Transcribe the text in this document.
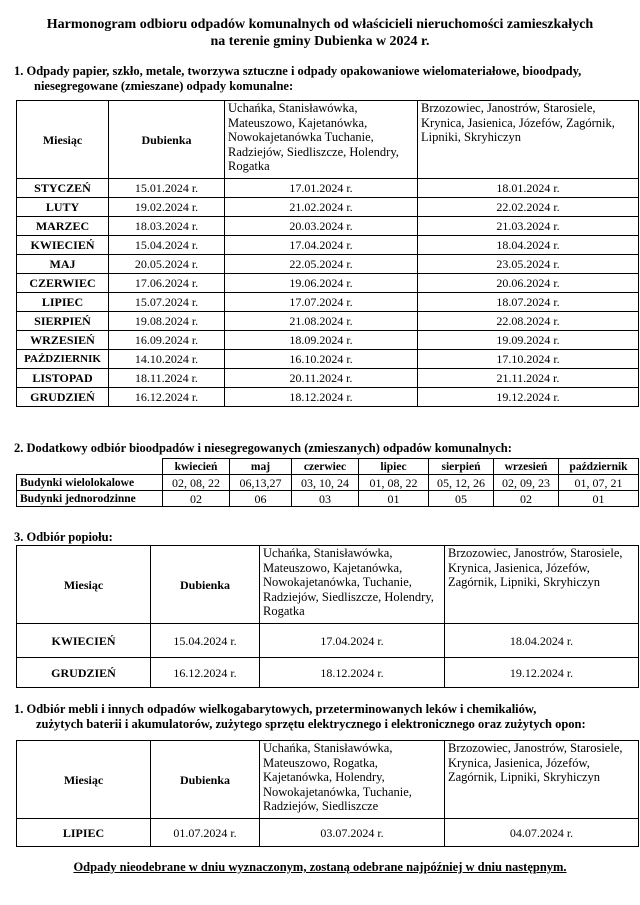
Harmonogram odbioru odpadów komunalnych od właścicieli nieruchomości zamieszkałych
na terenie gminy Dubienka w 2024 r.
1. Odpady papier, szkło, metale, tworzywa sztuczne i odpady opakowaniowe wielomateriałowe, bioodpady,
niesegregowane (zmieszane) odpady komunalne:
Miesiąc	Dubienka	Uchańka, Stanisławówka, Mateuszowo, Kajetanówka, Nowokajetanówka Tuchanie, Radziejów, Siedliszcze, Holendry, Rogatka	Brzozowiec, Janostrów, Starosiele, Krynica, Jasienica, Józefów, Zagórnik, Lipniki, Skryhiczyn
STYCZEŃ	15.01.2024 r.	17.01.2024 r.	18.01.2024 r.
LUTY	19.02.2024 r.	21.02.2024 r.	22.02.2024 r.
MARZEC	18.03.2024 r.	20.03.2024 r.	21.03.2024 r.
KWIECIEŃ	15.04.2024 r.	17.04.2024 r.	18.04.2024 r.
MAJ	20.05.2024 r.	22.05.2024 r.	23.05.2024 r.
CZERWIEC	17.06.2024 r.	19.06.2024 r.	20.06.2024 r.
LIPIEC	15.07.2024 r.	17.07.2024 r.	18.07.2024 r.
SIERPIEŃ	19.08.2024 r.	21.08.2024 r.	22.08.2024 r.
WRZESIEŃ	16.09.2024 r.	18.09.2024 r.	19.09.2024 r.
PAŹDZIERNIK	14.10.2024 r.	16.10.2024 r.	17.10.2024 r.
LISTOPAD	18.11.2024 r.	20.11.2024 r.	21.11.2024 r.
GRUDZIEŃ	16.12.2024 r.	18.12.2024 r.	19.12.2024 r.
2. Dodatkowy odbiór bioodpadów i niesegregowanych (zmieszanych) odpadów komunalnych:
	kwiecień	maj	czerwiec	lipiec	sierpień	wrzesień	październik
Budynki wielolokalowe	02, 08, 22	06,13,27	03, 10, 24	01, 08, 22	05, 12, 26	02, 09, 23	01, 07, 21
Budynki jednorodzinne	02	06	03	01	05	02	01
3. Odbiór popiołu:
Miesiąc	Dubienka	Uchańka, Stanisławówka, Mateuszowo, Kajetanówka, Nowokajetanówka, Tuchanie, Radziejów, Siedliszcze, Holendry, Rogatka	Brzozowiec, Janostrów, Starosiele, Krynica, Jasienica, Józefów, Zagórnik, Lipniki, Skryhiczyn
KWIECIEŃ	15.04.2024 r.	17.04.2024 r.	18.04.2024 r.
GRUDZIEŃ	16.12.2024 r.	18.12.2024 r.	19.12.2024 r.
1. Odbiór mebli i innych odpadów wielkogabarytowych, przeterminowanych leków i chemikaliów,
zużytych baterii i akumulatorów, zużytego sprzętu elektrycznego i elektronicznego oraz zużytych opon:
Miesiąc	Dubienka	Uchańka, Stanisławówka, Mateuszowo, Rogatka, Kajetanówka, Holendry, Nowokajetanówka, Tuchanie, Radziejów, Siedliszcze	Brzozowiec, Janostrów, Starosiele, Krynica, Jasienica, Józefów, Zagórnik, Lipniki, Skryhiczyn
LIPIEC	01.07.2024 r.	03.07.2024 r.	04.07.2024 r.
Odpady nieodebrane w dniu wyznaczonym, zostaną odebrane najpóźniej w dniu następnym.
